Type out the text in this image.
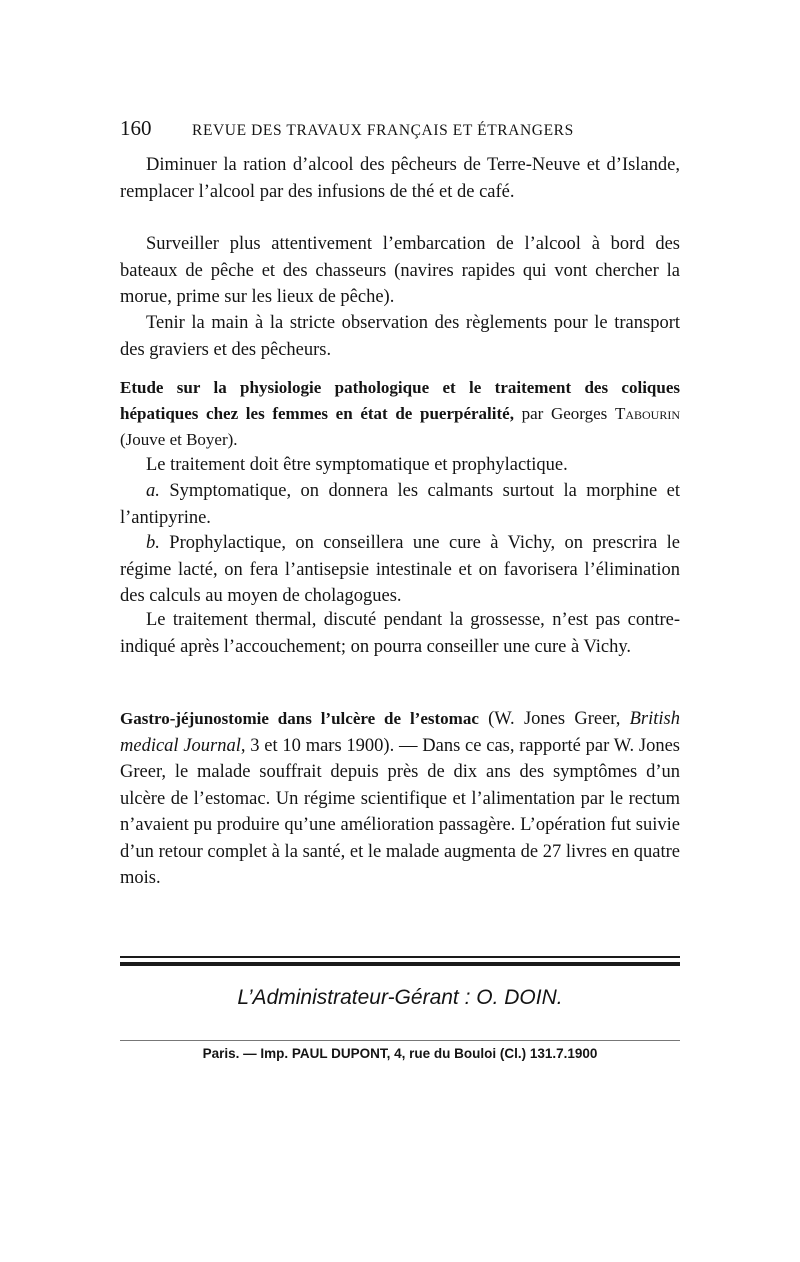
160	REVUE DES TRAVAUX FRANÇAIS ET ÉTRANGERS

Diminuer la ration d’alcool des pêcheurs de Terre-Neuve et d’Islande, remplacer l’alcool par des infusions de thé et de café.

Surveiller plus attentivement l’embarcation de l’alcool à bord des bateaux de pêche et des chasseurs (navires rapides qui vont chercher la morue, prime sur les lieux de pêche).

Tenir la main à la stricte observation des règlements pour le transport des graviers et des pêcheurs.

Etude sur la physiologie pathologique et le traitement des coliques hépatiques chez les femmes en état de puerpéralité, par Georges Tabourin (Jouve et Boyer).

Le traitement doit être symptomatique et prophylactique.

a. Symptomatique, on donnera les calmants surtout la morphine et l’antipyrine.

b. Prophylactique, on conseillera une cure à Vichy, on prescrira le régime lacté, on fera l’antisepsie intestinale et on favorisera l’élimination des calculs au moyen de cholagogues.

Le traitement thermal, discuté pendant la grossesse, n’est pas contre-indiqué après l’accouchement; on pourra conseiller une cure à Vichy.

Gastro-jéjunostomie dans l’ulcère de l’estomac (W. Jones Greer, British medical Journal, 3 et 10 mars 1900). — Dans ce cas, rapporté par W. Jones Greer, le malade souffrait depuis près de dix ans des symptômes d’un ulcère de l’estomac. Un régime scientifique et l’alimentation par le rectum n’avaient pu produire qu’une amélioration passagère. L’opération fut suivie d’un retour complet à la santé, et le malade augmenta de 27 livres en quatre mois.
L’Administrateur-Gérant : O. DOIN.
Paris. — Imp. PAUL DUPONT, 4, rue du Bouloi (Cl.) 131.7.1900
